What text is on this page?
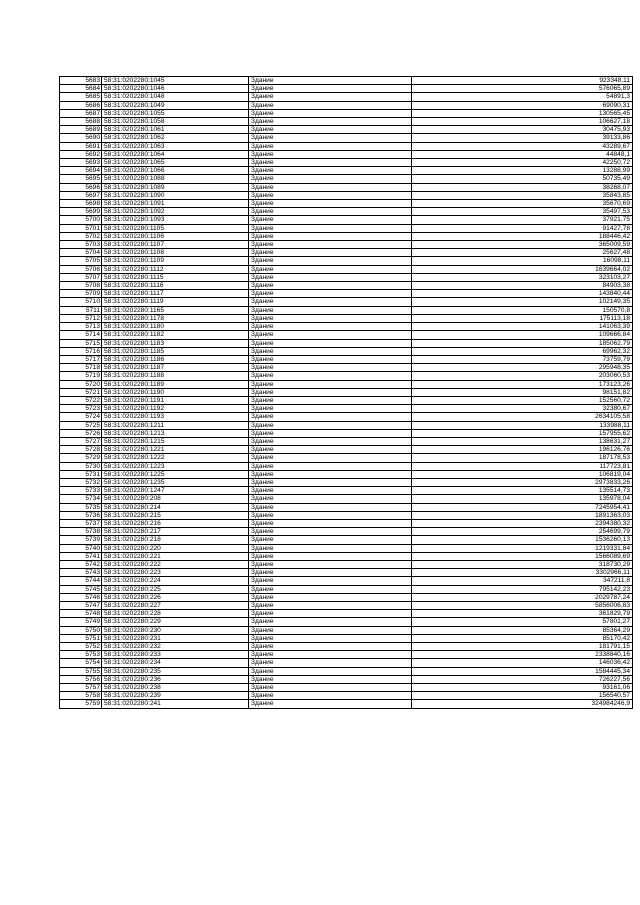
5683	58:31:0202280:1045	Здание	923348,11
5684	58:31:0202280:1046	Здание	576065,89
5685	58:31:0202280:1048	Здание	54891,3
5686	58:31:0202280:1049	Здание	69090,31
5687	58:31:0202280:1055	Здание	130565,45
5688	58:31:0202280:1058	Здание	106627,18
5689	58:31:0202280:1061	Здание	30475,93
5690	58:31:0202280:1062	Здание	39133,86
5691	58:31:0202280:1063	Здание	43289,67
5692	58:31:0202280:1064	Здание	44848,1
5693	58:31:0202280:1065	Здание	42250,72
5694	58:31:0202280:1066	Здание	13288,99
5695	58:31:0202280:1088	Здание	50735,49
5696	58:31:0202280:1089	Здание	38268,07
5697	58:31:0202280:1090	Здание	35843,85
5698	58:31:0202280:1091	Здание	35670,69
5699	58:31:0202280:1092	Здание	35497,53
5700	58:31:0202280:1093	Здание	37921,75
5701	58:31:0202280:1105	Здание	91427,78
5702	58:31:0202280:1106	Здание	188446,42
5703	58:31:0202280:1107	Здание	365009,59
5704	58:31:0202280:1108	Здание	25627,48
5705	58:31:0202280:1109	Здание	16098,11
5706	58:31:0202280:1112	Здание	1639664,02
5707	58:31:0202280:1115	Здание	323103,27
5708	58:31:0202280:1116	Здание	84903,38
5709	58:31:0202280:1117	Здание	143840,44
5710	58:31:0202280:1119	Здание	102149,35
5711	58:31:0202280:1165	Здание	150570,8
5712	58:31:0202280:1178	Здание	175113,18
5713	58:31:0202280:1180	Здание	141063,39
5714	58:31:0202280:1182	Здание	109666,84
5715	58:31:0202280:1183	Здание	185062,79
5716	58:31:0202280:1185	Здание	69962,32
5717	58:31:0202280:1186	Здание	73759,79
5718	58:31:0202280:1187	Здание	295948,35
5719	58:31:0202280:1188	Здание	203060,53
5720	58:31:0202280:1189	Здание	173123,26
5721	58:31:0202280:1190	Здание	98151,82
5722	58:31:0202280:1191	Здание	152560,72
5723	58:31:0202280:1192	Здание	32380,67
5724	58:31:0202280:1193	Здание	2634105,58
5725	58:31:0202280:1211	Здание	133988,11
5726	58:31:0202280:1213	Здание	157955,62
5727	58:31:0202280:1215	Здание	138631,27
5728	58:31:0202280:1221	Здание	196126,76
5729	58:31:0202280:1222	Здание	187178,53
5730	58:31:0202280:1223	Здание	117723,81
5731	58:31:0202280:1225	Здание	106819,04
5732	58:31:0202280:1235	Здание	2973833,26
5733	58:31:0202280:1247	Здание	135514,73
5734	58:31:0202280:208	Здание	135978,04
5735	58:31:0202280:214	Здание	7245954,41
5736	58:31:0202280:215	Здание	1891363,03
5737	58:31:0202280:216	Здание	2394380,32
5738	58:31:0202280:217	Здание	254699,79
5739	58:31:0202280:218	Здание	1536260,13
5740	58:31:0202280:220	Здание	1219331,84
5741	58:31:0202280:221	Здание	1566089,69
5742	58:31:0202280:222	Здание	318730,29
5743	58:31:0202280:223	Здание	3302966,11
5744	58:31:0202280:224	Здание	347211,8
5745	58:31:0202280:225	Здание	795142,23
5746	58:31:0202280:226	Здание	2029787,24
5747	58:31:0202280:227	Здание	5856006,83
5748	58:31:0202280:228	Здание	361829,79
5749	58:31:0202280:229	Здание	57801,27
5750	58:31:0202280:230	Здание	85364,29
5751	58:31:0202280:231	Здание	85170,42
5752	58:31:0202280:232	Здание	181791,15
5753	58:31:0202280:233	Здание	2338840,16
5754	58:31:0202280:234	Здание	146036,42
5755	58:31:0202280:235	Здание	1584445,34
5756	58:31:0202280:236	Здание	726227,56
5757	58:31:0202280:238	Здание	93161,06
5758	58:31:0202280:239	Здание	156540,57
5759	58:31:0202280:241	Здание	324984246,9
